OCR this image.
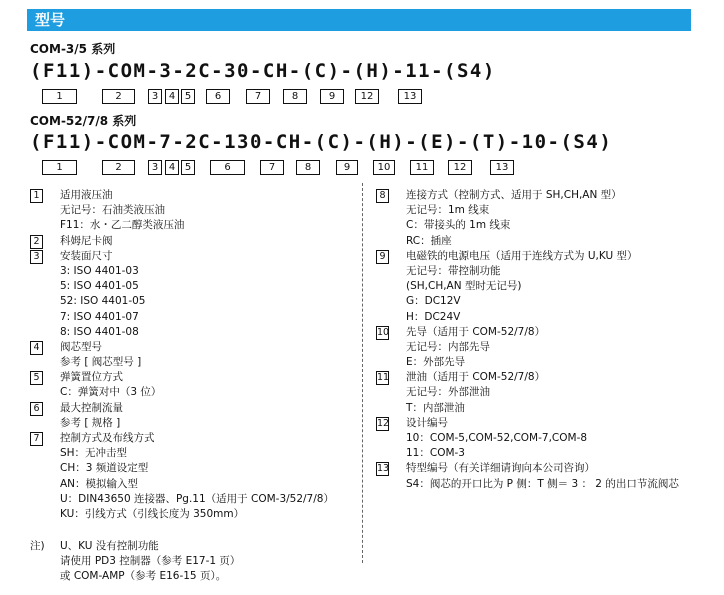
型号
COM-3/5 系列
(F11)-COM-3-2C-30-CH-(C)-(H)-11-(S4)
1	2	3	4 5	6	7	8	9	12	13
COM-52/7/8 系列
(F11)-COM-7-2C-130-CH-(C)-(H)-(E)-(T)-10-(S4)
1	2	3	4 5	6	7	8	9	10	11	12	13
1	适用液压油
无记号：石油类液压油
F11：水・乙二醇类液压油
2	科姆尼卡阀
3	安装面尺寸
3: ISO 4401-03
5: ISO 4401-05
52: ISO 4401-05
7: ISO 4401-07
8: ISO 4401-08
4	阀芯型号
参考 [ 阀芯型号 ]
5	弹簧置位方式
C：弹簧对中（3 位）
6	最大控制流量
参考 [ 规格 ]
7	控制方式及布线方式
SH：无冲击型
CH：3 频道设定型
AN：模拟输入型
U：DIN43650 连接器、Pg.11（适用于 COM-3/52/7/8）
KU：引线方式（引线长度为 350mm）
8	连接方式（控制方式、适用于 SH,CH,AN 型）
无记号：1m 线束
C：带接头的 1m 线束
RC：插座
9	电磁铁的电源电压（适用于连线方式为 U,KU 型）
无记号：带控制功能
(SH,CH,AN 型时无记号)
G：DC12V
H：DC24V
10 先导（适用于 COM-52/7/8）
无记号：内部先导
E：外部先导
11 泄油（适用于 COM-52/7/8）
无记号：外部泄油
T：内部泄油
12 设计编号
10：COM-5,COM-52,COM-7,COM-8
11：COM-3
13 特型编号（有关详细请询向本公司咨询）
S4：阀芯的开口比为 P 侧：T 侧＝ 3 ： 2 的出口节流阀芯
注) U、KU 没有控制功能
请使用 PD3 控制器（参考 E17-1 页）
或 COM-AMP（参考 E16-15 页）。
